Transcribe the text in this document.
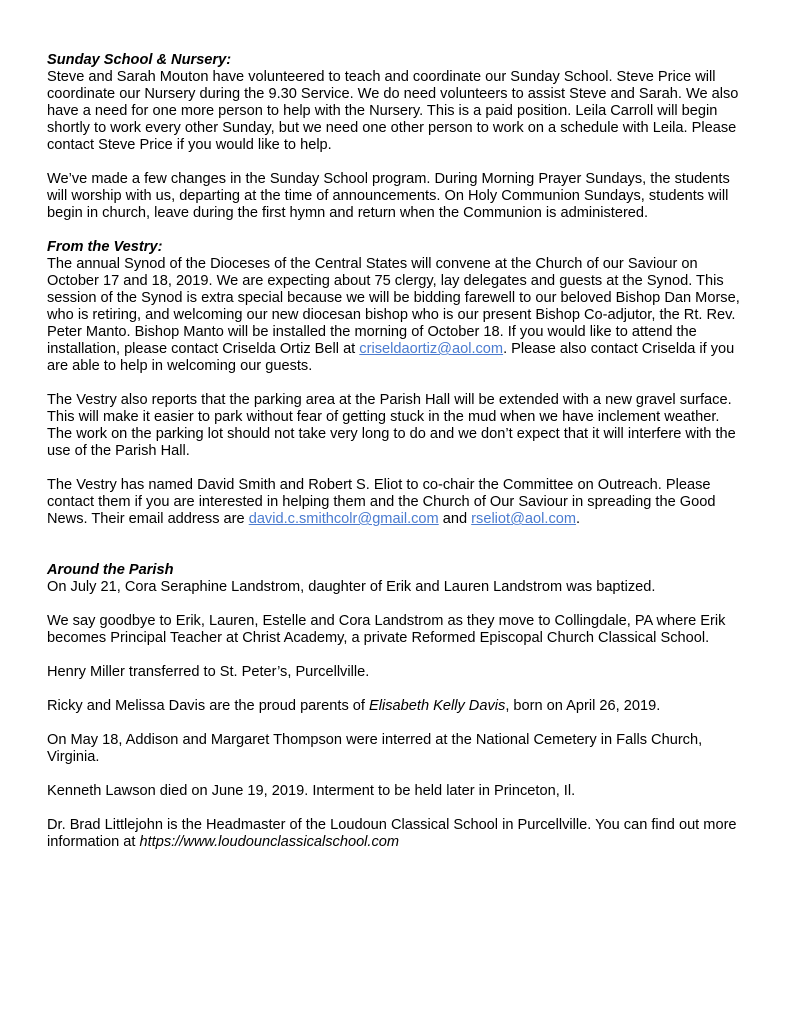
Sunday School & Nursery:

Steve and Sarah Mouton have volunteered to teach and coordinate our Sunday School. Steve Price will coordinate our Nursery during the 9.30 Service. We do need volunteers to assist Steve and Sarah. We also have a need for one more person to help with the Nursery. This is a paid position. Leila Carroll will begin shortly to work every other Sunday, but we need one other person to work on a schedule with Leila. Please contact Steve Price if you would like to help.

We’ve made a few changes in the Sunday School program. During Morning Prayer Sundays, the students will worship with us, departing at the time of announcements. On Holy Communion Sundays, students will begin in church, leave during the first hymn and return when the Communion is administered.

From the Vestry:

The annual Synod of the Dioceses of the Central States will convene at the Church of our Saviour on October 17 and 18, 2019. We are expecting about 75 clergy, lay delegates and guests at the Synod. This session of the Synod is extra special because we will be bidding farewell to our beloved Bishop Dan Morse, who is retiring, and welcoming our new diocesan bishop who is our present Bishop Co-adjutor, the Rt. Rev. Peter Manto. Bishop Manto will be installed the morning of October 18. If you would like to attend the installation, please contact Criselda Ortiz Bell at criseldaortiz@aol.com. Please also contact Criselda if you are able to help in welcoming our guests.

The Vestry also reports that the parking area at the Parish Hall will be extended with a new gravel surface. This will make it easier to park without fear of getting stuck in the mud when we have inclement weather. The work on the parking lot should not take very long to do and we don’t expect that it will interfere with the use of the Parish Hall.

The Vestry has named David Smith and Robert S. Eliot to co-chair the Committee on Outreach. Please contact them if you are interested in helping them and the Church of Our Saviour in spreading the Good News. Their email address are david.c.smithcolr@gmail.com and rseliot@aol.com.

Around the Parish

On July 21, Cora Seraphine Landstrom, daughter of Erik and Lauren Landstrom was baptized.

We say goodbye to Erik, Lauren, Estelle and Cora Landstrom as they move to Collingdale, PA where Erik becomes Principal Teacher at Christ Academy, a private Reformed Episcopal Church Classical School.

Henry Miller transferred to St. Peter’s, Purcellville.

Ricky and Melissa Davis are the proud parents of Elisabeth Kelly Davis, born on April 26, 2019.

On May 18, Addison and Margaret Thompson were interred at the National Cemetery in Falls Church, Virginia.

Kenneth Lawson died on June 19, 2019. Interment to be held later in Princeton, Il.

Dr. Brad Littlejohn is the Headmaster of the Loudoun Classical School in Purcellville. You can find out more information at https://www.loudounclassicalschool.com
